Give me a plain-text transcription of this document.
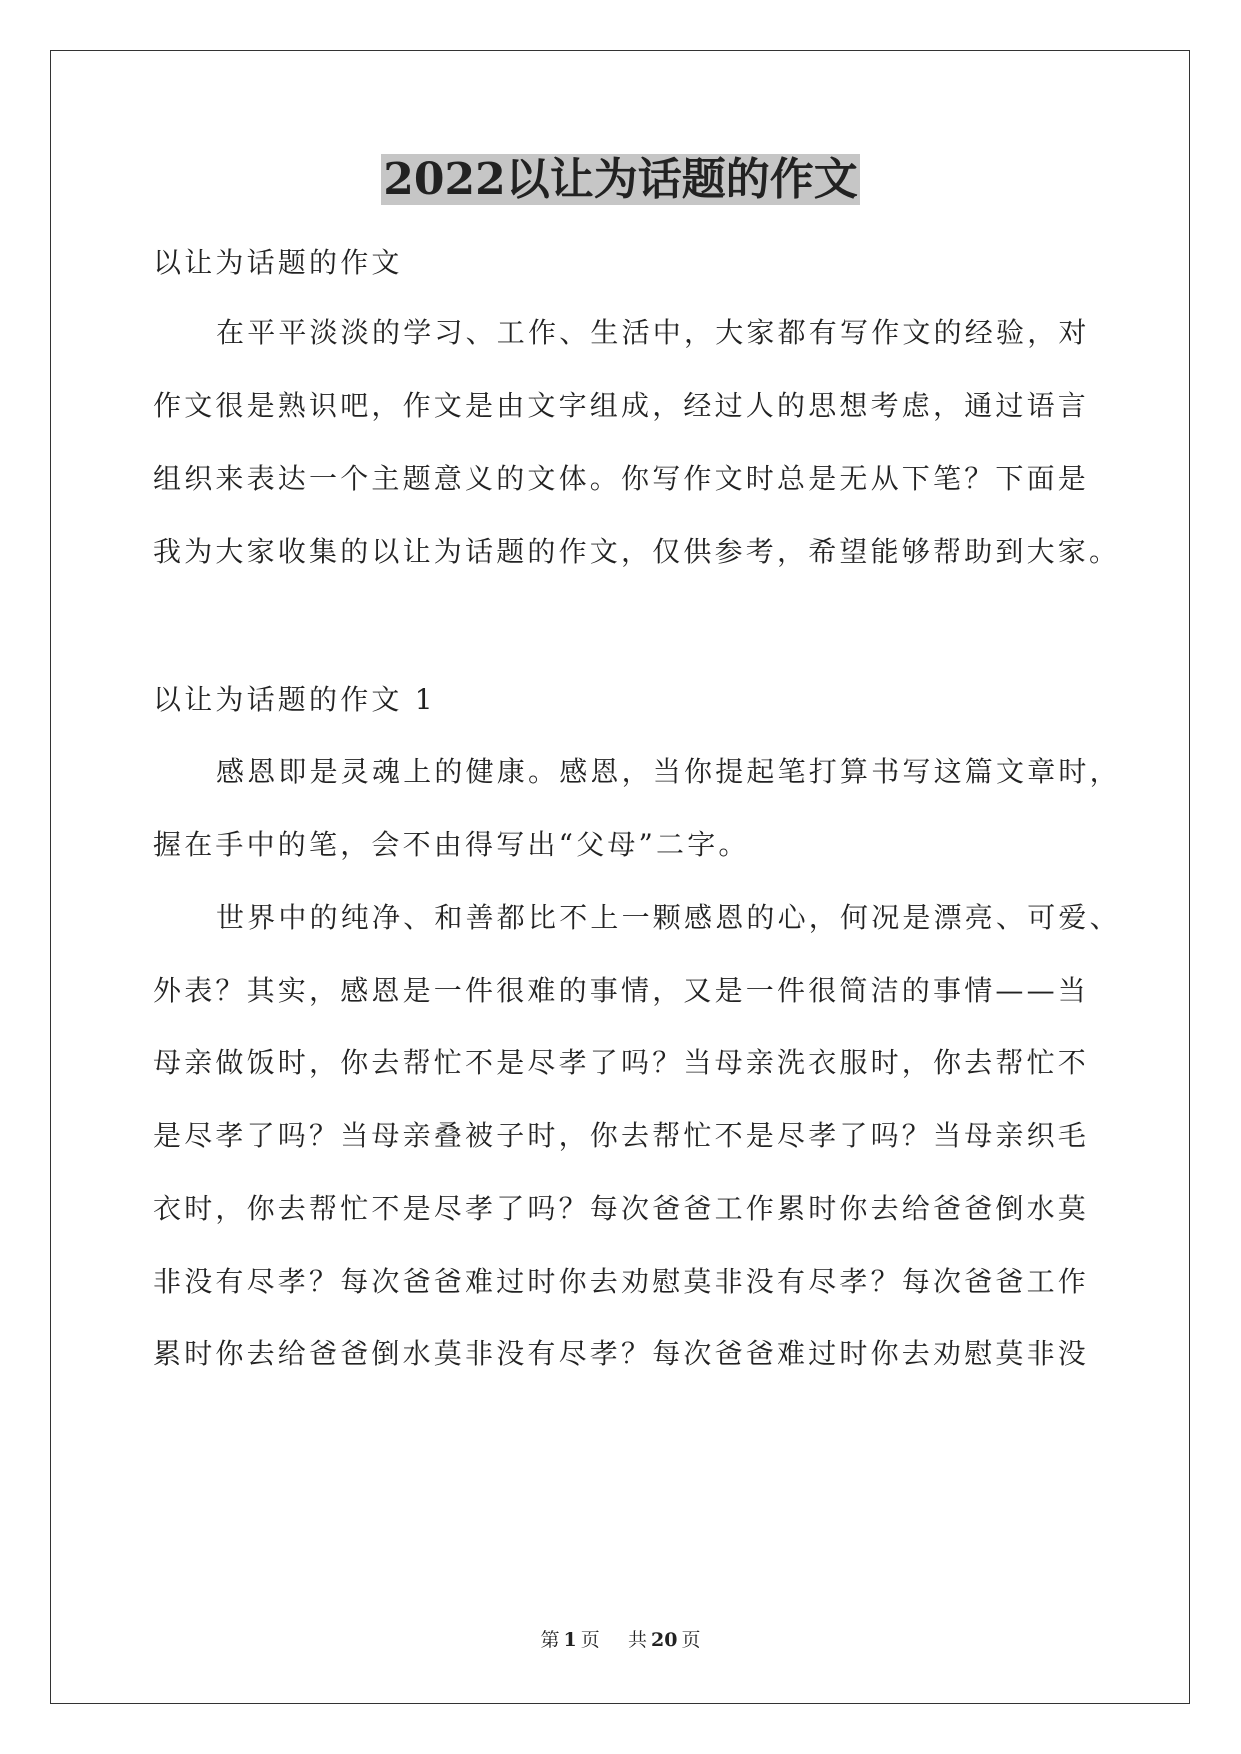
2022以让为话题的作文
以让为话题的作文
在平平淡淡的学习、工作、生活中，大家都有写作文的经验，对
作文很是熟识吧，作文是由文字组成，经过人的思想考虑，通过语言
组织来表达一个主题意义的文体。你写作文时总是无从下笔？下面是
我为大家收集的以让为话题的作文，仅供参考，希望能够帮助到大家。
以让为话题的作文 1
感恩即是灵魂上的健康。感恩，当你提起笔打算书写这篇文章时，
握在手中的笔，会不由得写出“父母”二字。
世界中的纯净、和善都比不上一颗感恩的心，何况是漂亮、可爱、
外表？其实，感恩是一件很难的事情，又是一件很简洁的事情——当
母亲做饭时，你去帮忙不是尽孝了吗？当母亲洗衣服时，你去帮忙不
是尽孝了吗？当母亲叠被子时，你去帮忙不是尽孝了吗？当母亲织毛
衣时，你去帮忙不是尽孝了吗？每次爸爸工作累时你去给爸爸倒水莫
非没有尽孝？每次爸爸难过时你去劝慰莫非没有尽孝？每次爸爸工作
累时你去给爸爸倒水莫非没有尽孝？每次爸爸难过时你去劝慰莫非没
第 1 页 共 20 页
